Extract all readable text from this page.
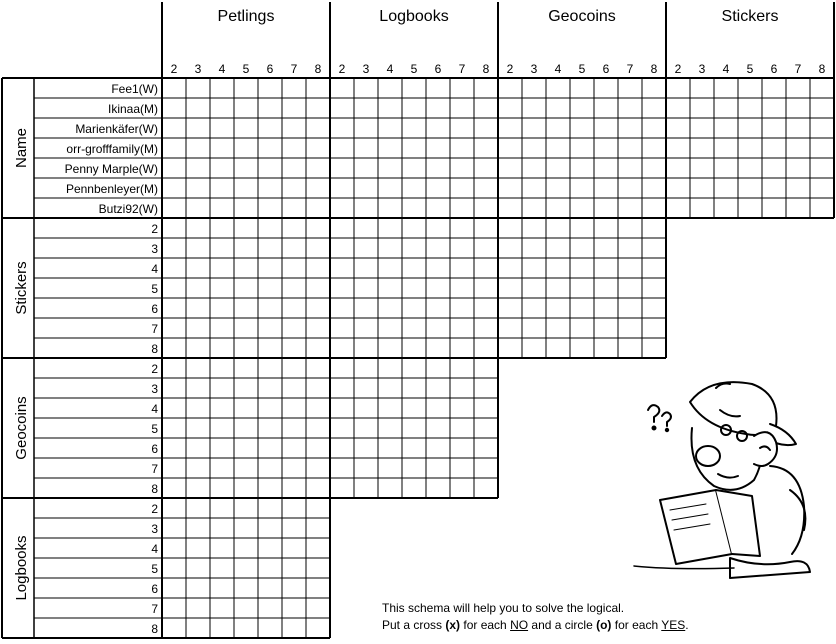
Petlings
2 3 4 5 6 7 8
Logbooks
2 3 4 5 6 7 8
Geocoins
2 3 4 5 6 7 8
Stickers
2 3 4 5 6 7 8
Name
Fee1(W)
Ikinaa(M)
Marienkäfer(W)
orr-grofffamily(M)
Penny Marple(W)
Pennbenleyer(M)
Butzi92(W)
Stickers
2
3
4
5
6
7
8
Geocoins
2
3
4
5
6
7
8
Logbooks
2
3
4
5
6
7
8
This schema will help you to solve the logical.
Put a cross (x) for each NO and a circle (o) for each YES.
